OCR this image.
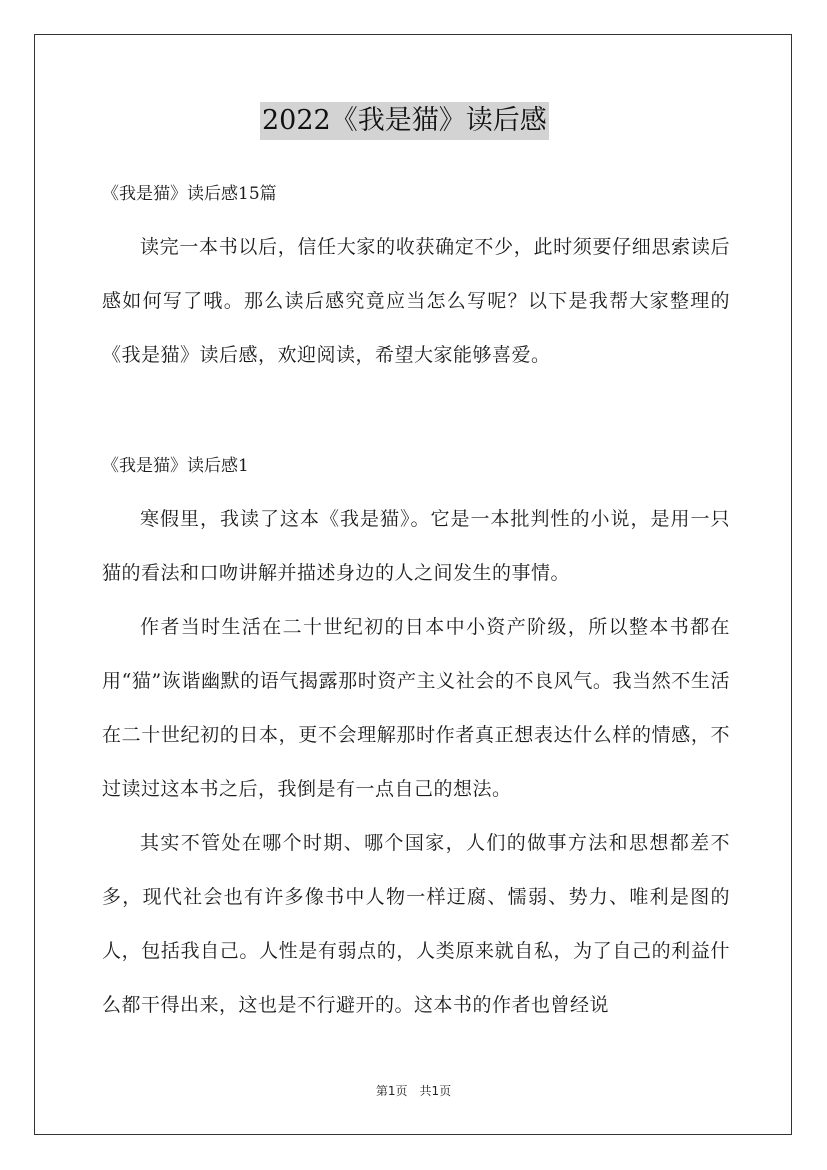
2022《我是猫》读后感
《我是猫》读后感15篇

读完一本书以后，信任大家的收获确定不少，此时须要仔细思索读后感如何写了哦。那么读后感究竟应当怎么写呢？以下是我帮大家整理的《我是猫》读后感，欢迎阅读，希望大家能够喜爱。

《我是猫》读后感1

寒假里，我读了这本《我是猫》。它是一本批判性的小说，是用一只猫的看法和口吻讲解并描述身边的人之间发生的事情。

作者当时生活在二十世纪初的日本中小资产阶级，所以整本书都在用“猫”诙谐幽默的语气揭露那时资产主义社会的不良风气。我当然不生活在二十世纪初的日本，更不会理解那时作者真正想表达什么样的情感，不过读过这本书之后，我倒是有一点自己的想法。

其实不管处在哪个时期、哪个国家，人们的做事方法和思想都差不多，现代社会也有许多像书中人物一样迂腐、懦弱、势力、唯利是图的人，包括我自己。人性是有弱点的，人类原来就自私，为了自己的利益什么都干得出来，这也是不行避开的。这本书的作者也曾经说

第1页　共1页
